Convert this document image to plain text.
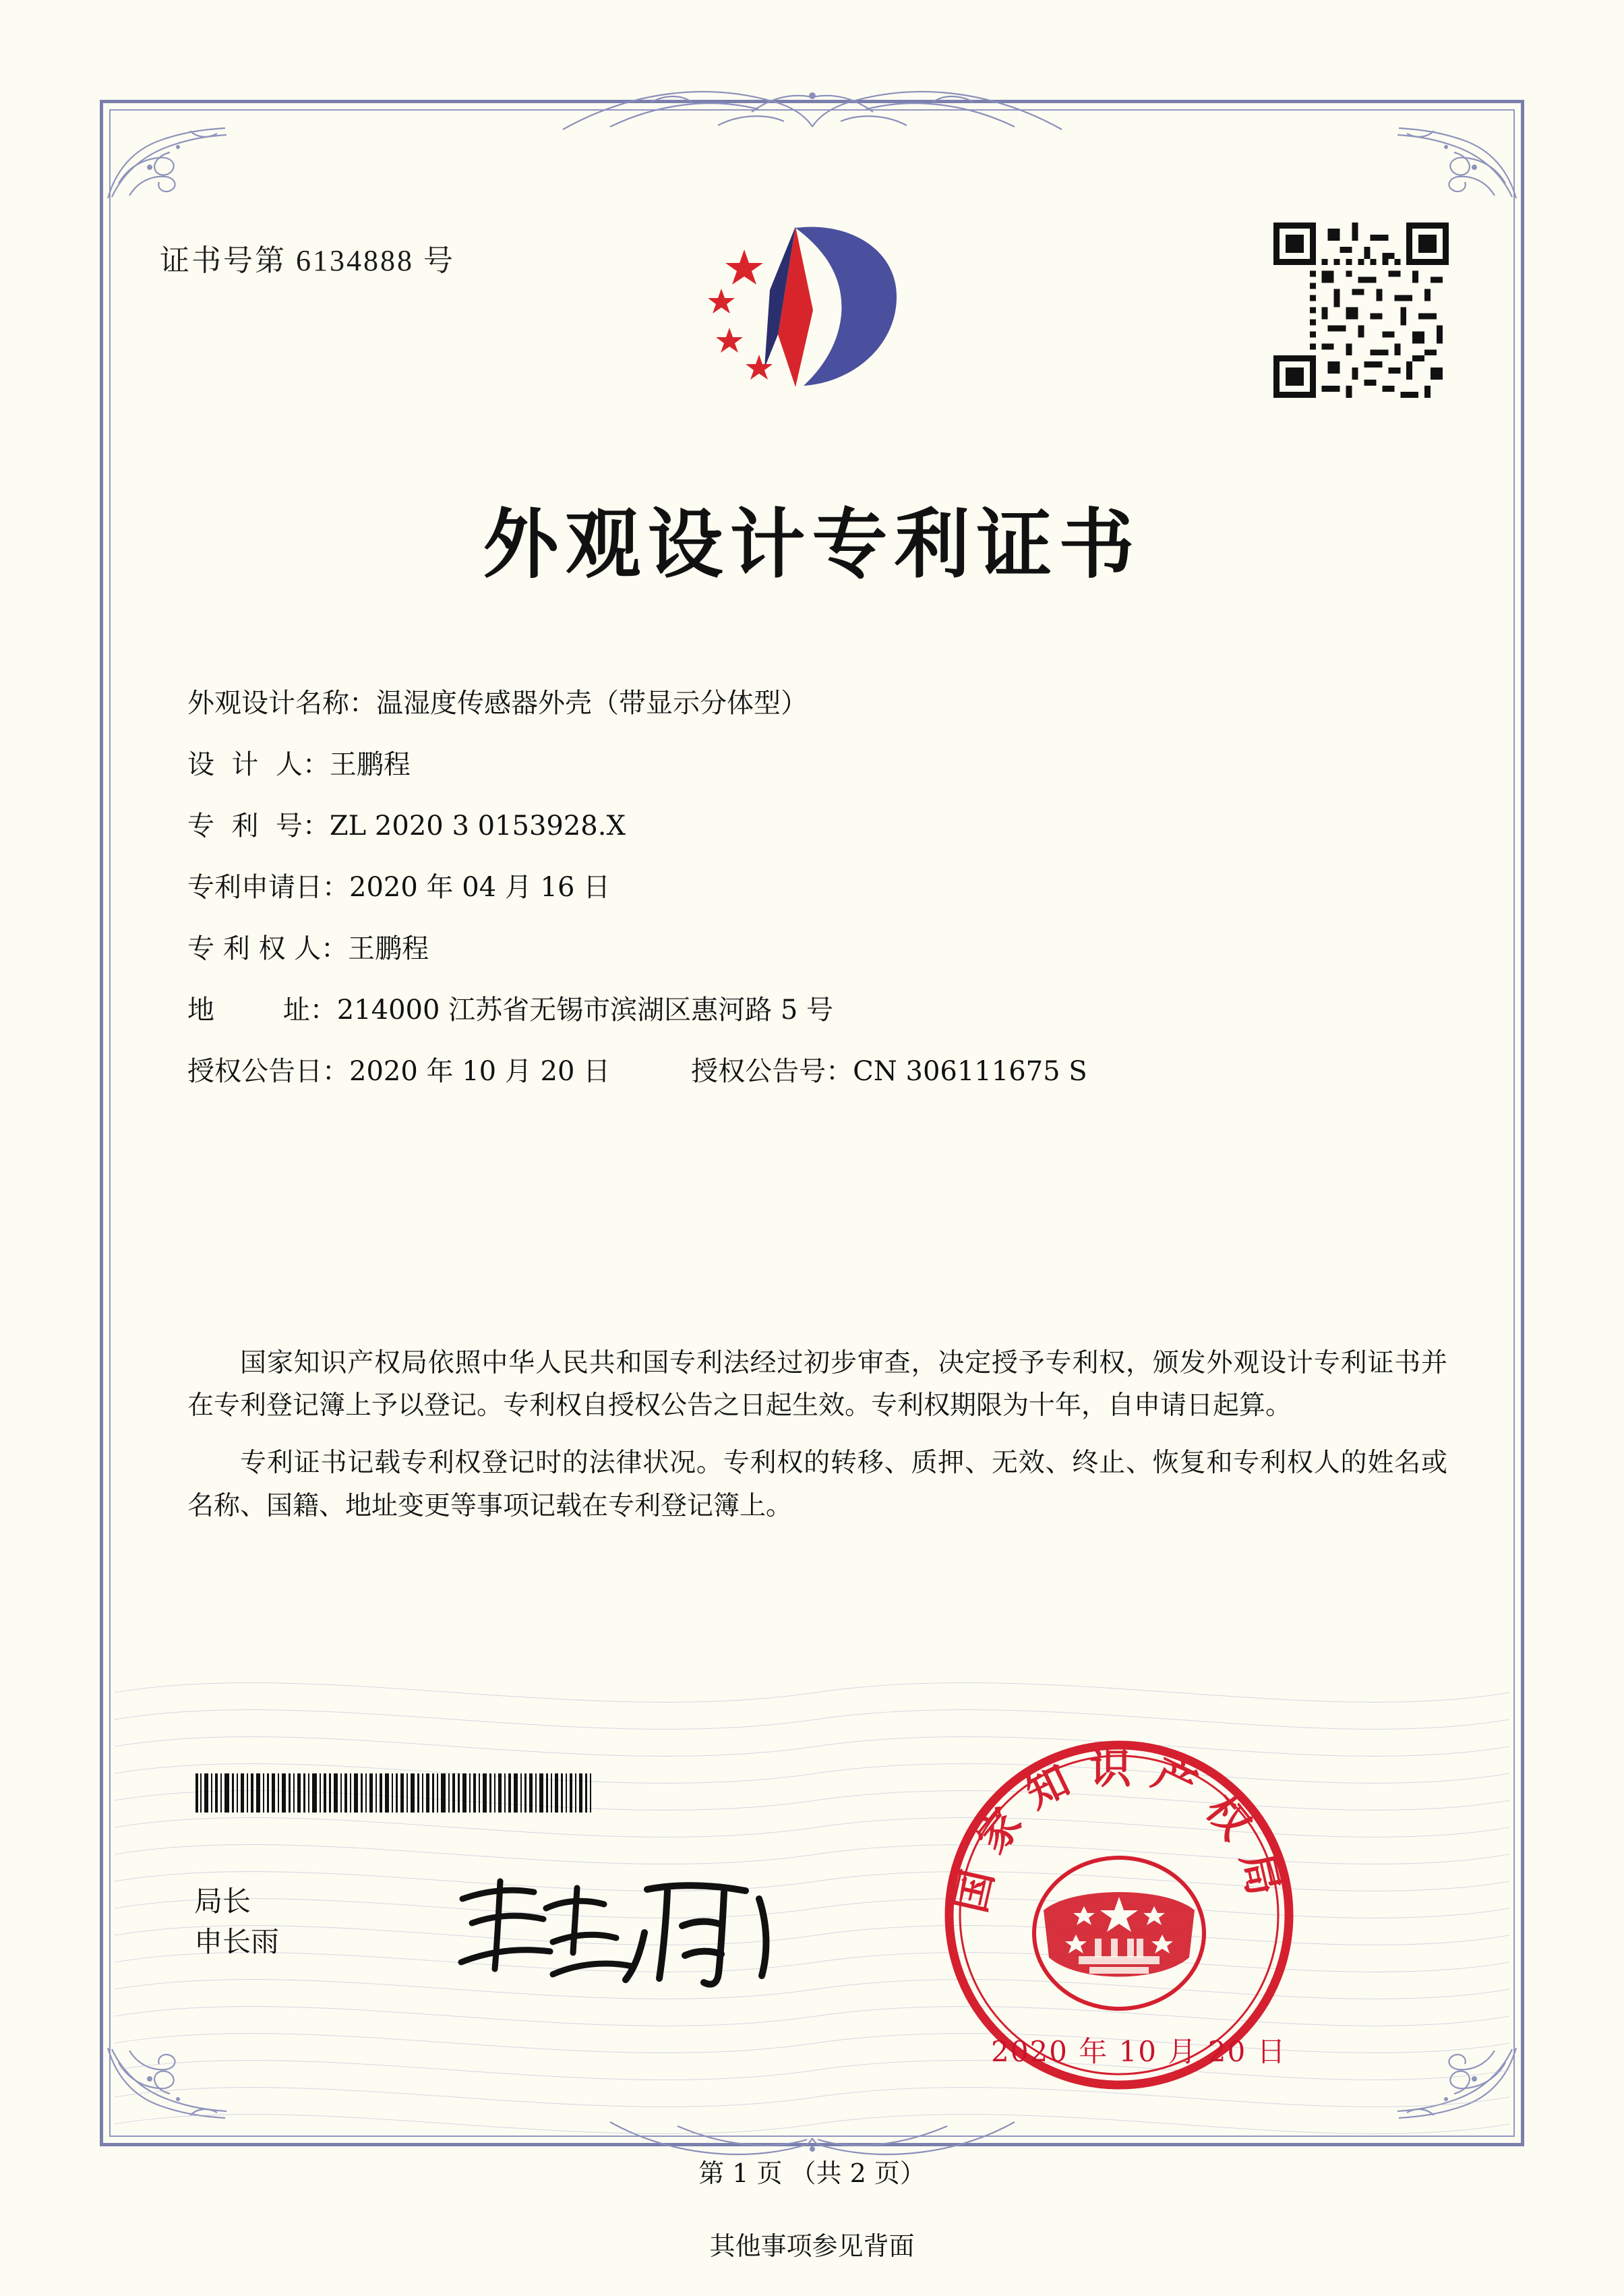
证书号第 6134888 号
外观设计专利证书
外观设计名称： 温湿度传感器外壳（带显示分体型）
设  计  人： 王鹏程
专  利  号： ZL 2020 3 0153928.X
专利申请日： 2020 年 04 月 16 日
专 利 权 人： 王鹏程
地        址： 214000 江苏省无锡市滨湖区惠河路 5 号
授权公告日： 2020 年 10 月 20 日	授权公告号： CN 306111675 S

国家知识产权局依照中华人民共和国专利法经过初步审查，决定授予专利权，颁发外观设计专利证书并在专利登记簿上予以登记。专利权自授权公告之日起生效。专利权期限为十年，自申请日起算。

专利证书记载专利权登记时的法律状况。专利权的转移、质押、无效、终止、恢复和专利权人的姓名或名称、国籍、地址变更等事项记载在专利登记簿上。

局长
申长雨
国家知识产权局
2020 年 10 月 20 日
第 1 页 （共 2 页）
其他事项参见背面
